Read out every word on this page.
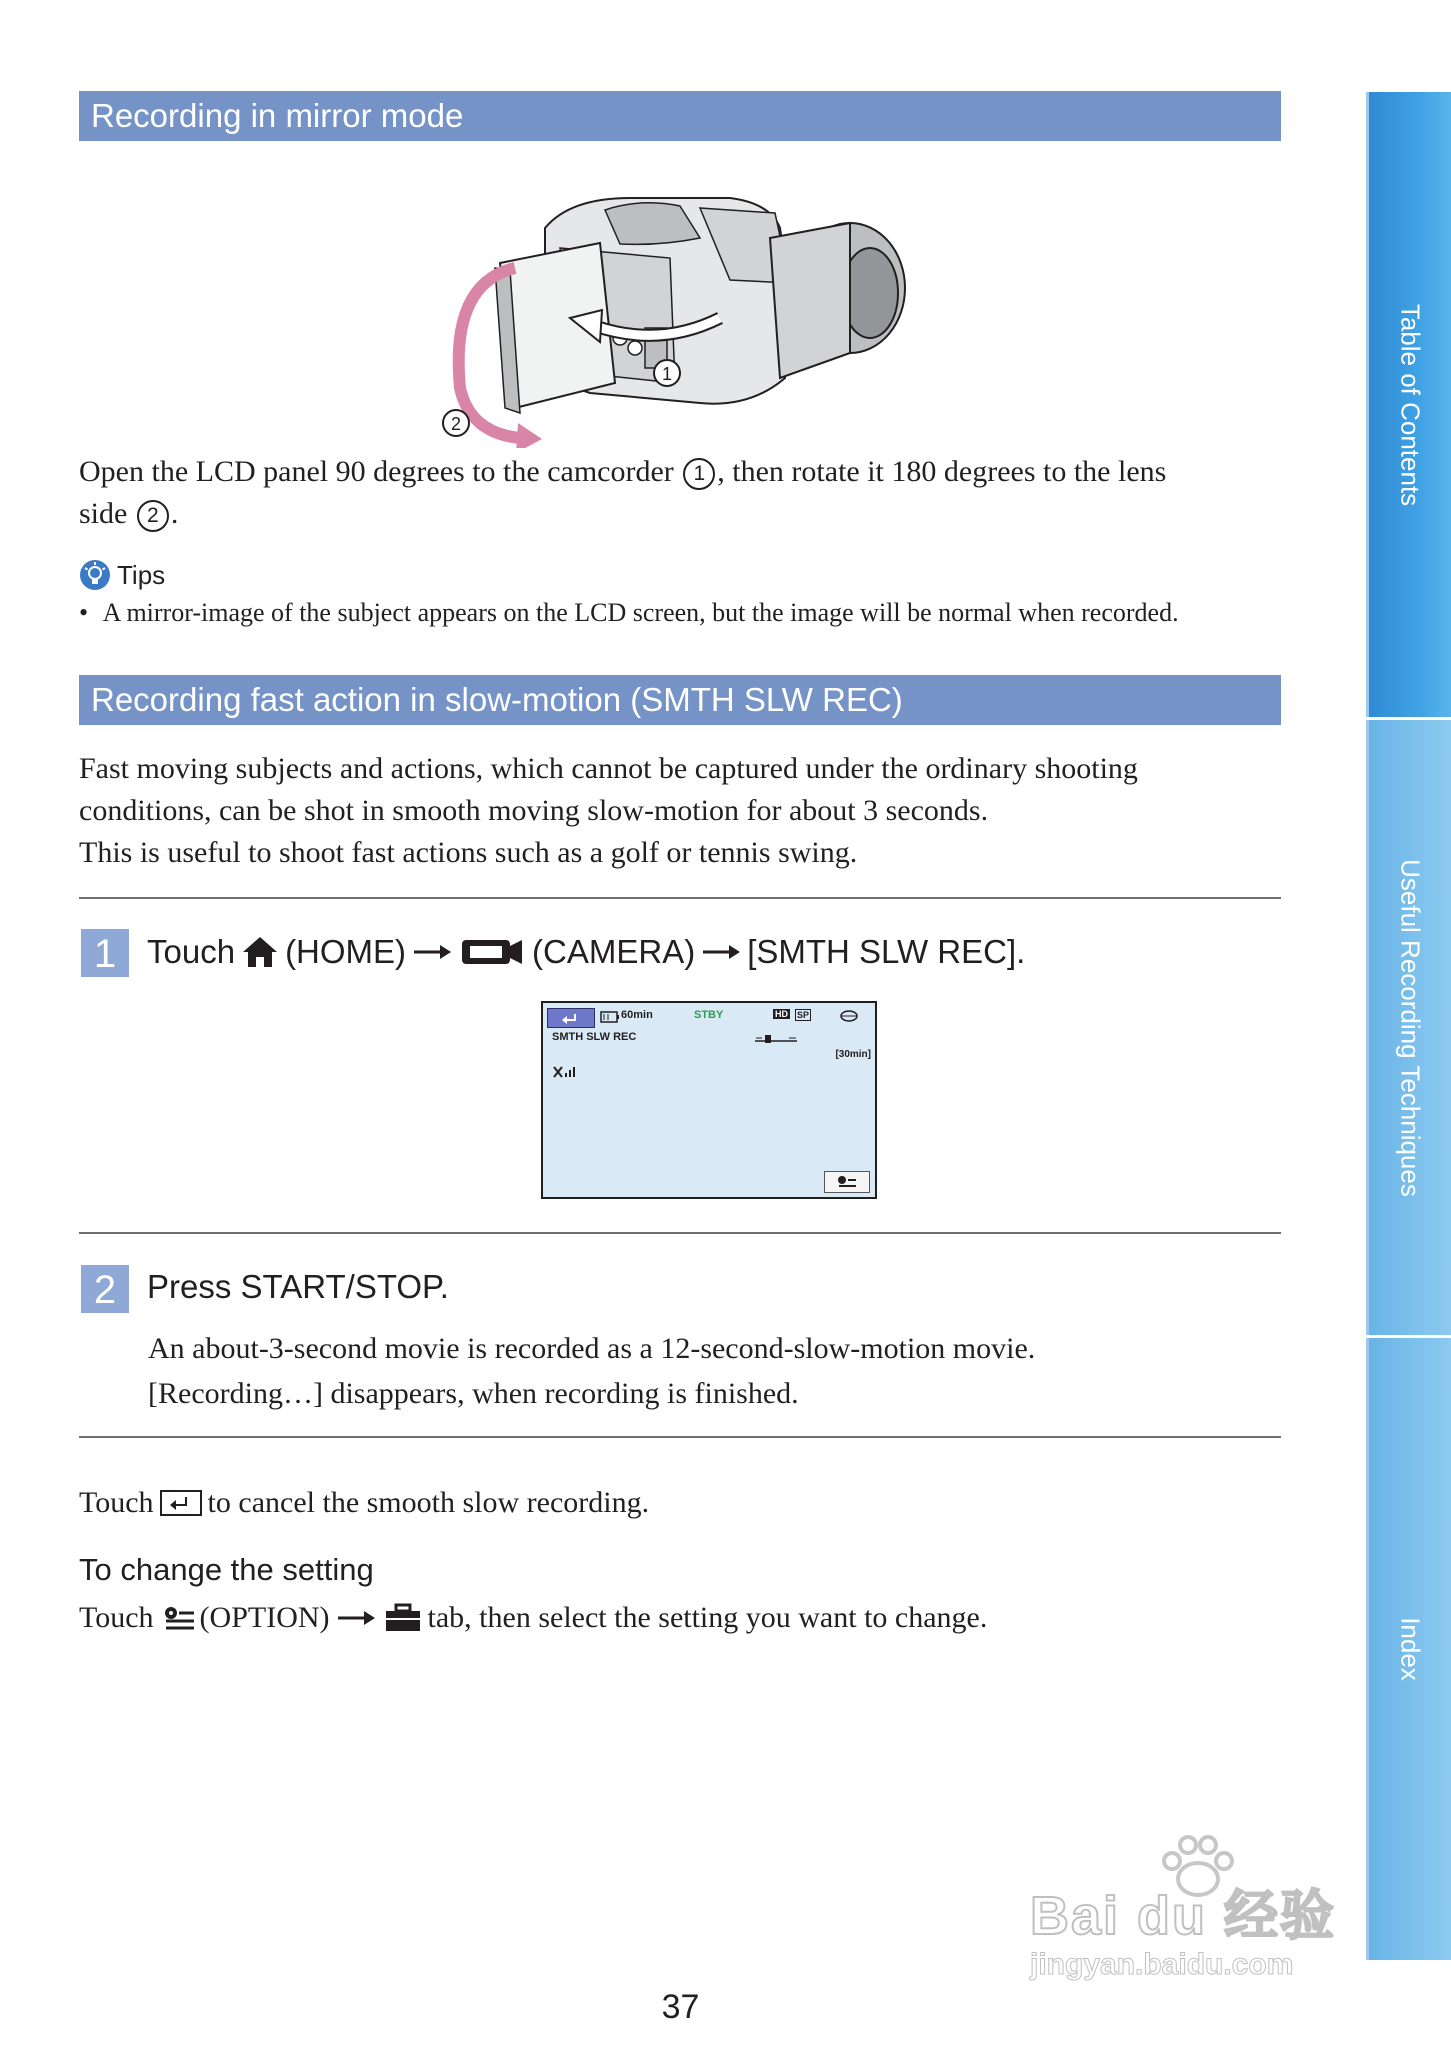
Recording in mirror mode
1
2
Open the LCD panel 90 degrees to the camcorder 1 , then rotate it 180 degrees to the lens
side 2 .
Tips
• A mirror-image of the subject appears on the LCD screen, but the image will be normal when recorded.
Recording fast action in slow-motion (SMTH SLW REC)
Fast moving subjects and actions, which cannot be captured under the ordinary shooting
conditions, can be shot in smooth moving slow-motion for about 3 seconds.
This is useful to shoot fast actions such as a golf or tennis swing.
1 Touch (HOME)	(CAMERA) [SMTH SLW REC].
60min	STBY	HD SP
SMTH SLW REC
[30min]
2 Press START/STOP.
An about-3-second movie is recorded as a 12-second-slow-motion movie.
[Recording…] disappears, when recording is finished.
Touch to cancel the smooth slow recording.
To change the setting
Touch (OPTION)	tab, then select the setting you want to change.
37
Table of Contents
Useful Recording Techniques
Index
Bai du 经验
jingyan.baidu.com
